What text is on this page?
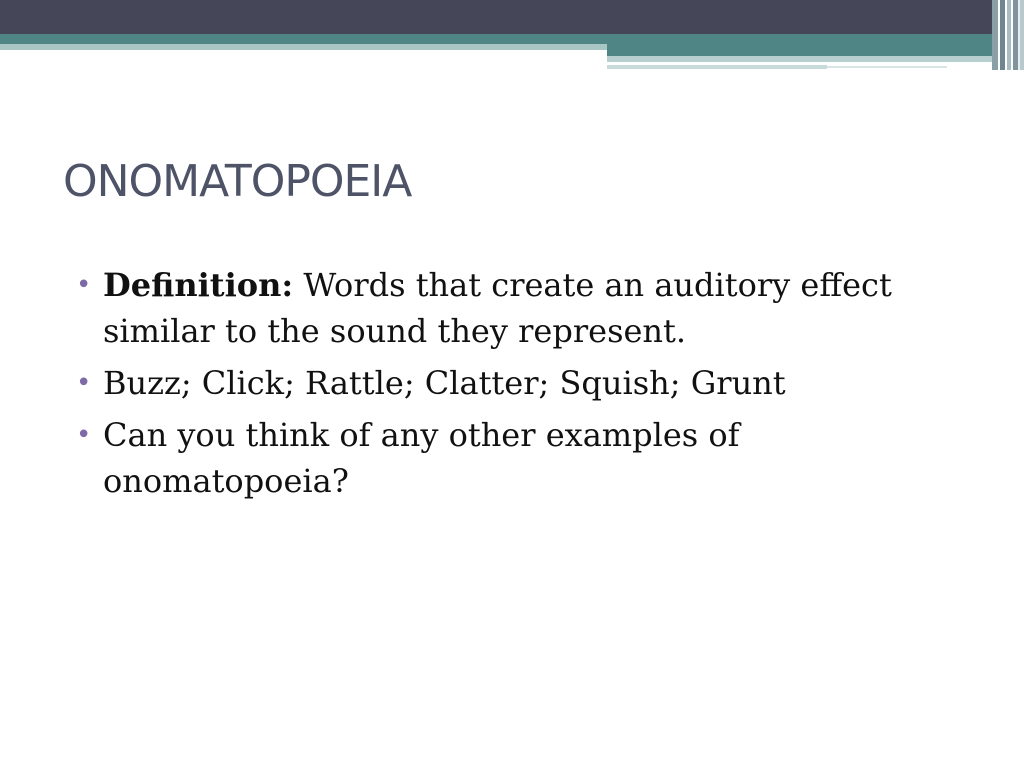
ONOMATOPOEIA
• Definition: Words that create an auditory effect similar to the sound they represent.
• Buzz; Click; Rattle; Clatter; Squish; Grunt
• Can you think of any other examples of onomatopoeia?
